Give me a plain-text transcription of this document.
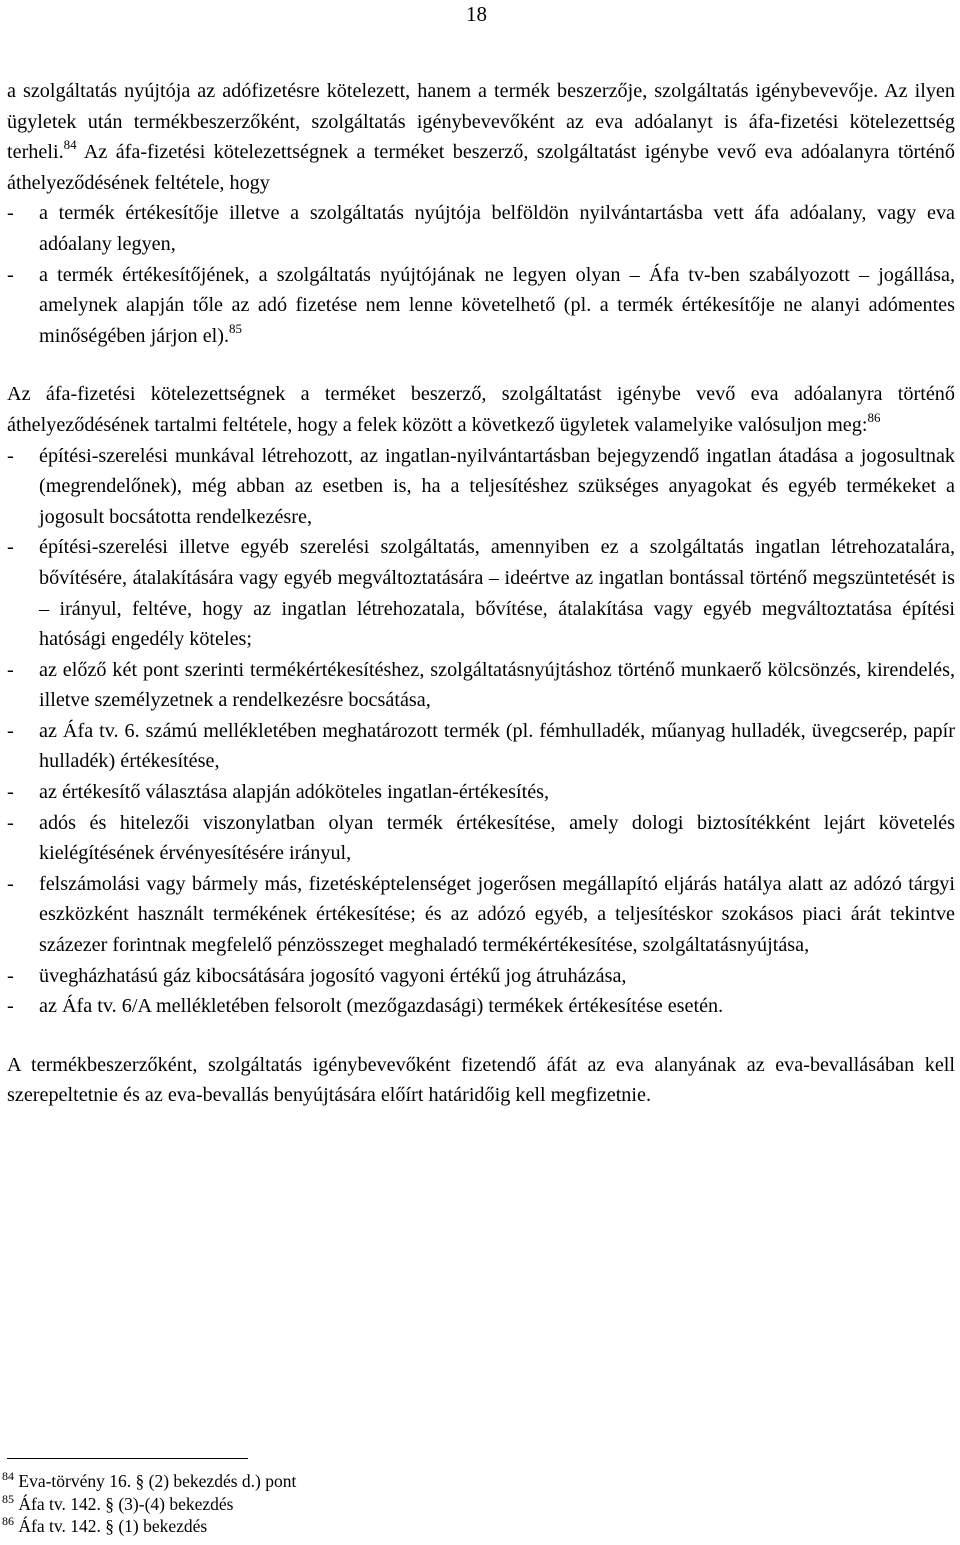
18

a szolgáltatás nyújtója az adófizetésre kötelezett, hanem a termék beszerzője, szolgáltatás igénybevevője. Az ilyen ügyletek után termékbeszerzőként, szolgáltatás igénybevevőként az eva adóalanyt is áfa-fizetési kötelezettség terheli.$^{84}$ Az áfa-fizetési kötelezettségnek a terméket beszerző, szolgáltatást igénybe vevő eva adóalanyra történő áthelyeződésének feltétele, hogy

- a termék értékesítője illetve a szolgáltatás nyújtója belföldön nyilvántartásba vett áfa adóalany, vagy eva adóalany legyen,
- a termék értékesítőjének, a szolgáltatás nyújtójának ne legyen olyan – Áfa tv-ben szabályozott – jogállása, amelynek alapján tőle az adó fizetése nem lenne követelhető (pl. a termék értékesítője ne alanyi adómentes minőségében járjon el).$^{85}$

Az áfa-fizetési kötelezettségnek a terméket beszerző, szolgáltatást igénybe vevő eva adóalanyra történő áthelyeződésének tartalmi feltétele, hogy a felek között a következő ügyletek valamelyike valósuljon meg:$^{86}$

- építési-szerelési munkával létrehozott, az ingatlan-nyilvántartásban bejegyzendő ingatlan átadása a jogosultnak (megrendelőnek), még abban az esetben is, ha a teljesítéshez szükséges anyagokat és egyéb termékeket a jogosult bocsátotta rendelkezésre,
- építési-szerelési illetve egyéb szerelési szolgáltatás, amennyiben ez a szolgáltatás ingatlan létrehozatalára, bővítésére, átalakítására vagy egyéb megváltoztatására – ideértve az ingatlan bontással történő megszüntetését is – irányul, feltéve, hogy az ingatlan létrehozatala, bővítése, átalakítása vagy egyéb megváltoztatása építési hatósági engedély köteles;
- az előző két pont szerinti termékértékesítéshez, szolgáltatásnyújtáshoz történő munkaerő kölcsönzés, kirendelés, illetve személyzetnek a rendelkezésre bocsátása,
- az Áfa tv. 6. számú mellékletében meghatározott termék (pl. fémhulladék, műanyag hulladék, üvegcserép, papír hulladék) értékesítése,
- az értékesítő választása alapján adóköteles ingatlan-értékesítés,
- adós és hitelezői viszonylatban olyan termék értékesítése, amely dologi biztosítékként lejárt követelés kielégítésének érvényesítésére irányul,
- felszámolási vagy bármely más, fizetésképtelenséget jogerősen megállapító eljárás hatálya alatt az adózó tárgyi eszközként használt termékének értékesítése; és az adózó egyéb, a teljesítéskor szokásos piaci árát tekintve százezer forintnak megfelelő pénzösszeget meghaladó termékértékesítése, szolgáltatásnyújtása,
- üvegházhatású gáz kibocsátására jogosító vagyoni értékű jog átruházása,
- az Áfa tv. 6/A mellékletében felsorolt (mezőgazdasági) termékek értékesítése esetén.

A termékbeszerzőként, szolgáltatás igénybevevőként fizetendő áfát az eva alanyának az eva-bevallásában kell szerepeltetnie és az eva-bevallás benyújtására előírt határidőig kell megfizetnie.

$^{84}$ Eva-törvény 16. § (2) bekezdés d.) pont
$^{85}$ Áfa tv. 142. § (3)-(4) bekezdés
$^{86}$ Áfa tv. 142. § (1) bekezdés
